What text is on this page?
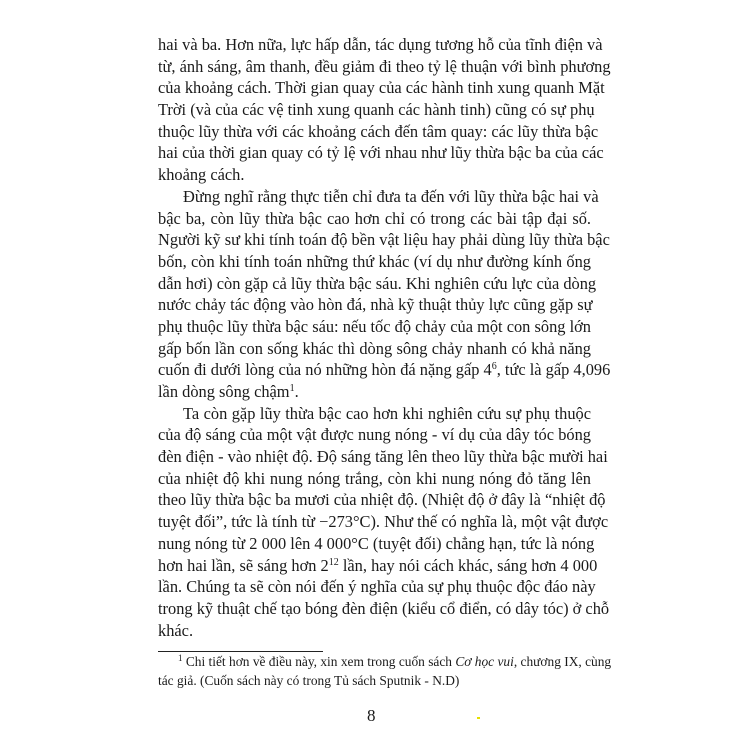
hai và ba. Hơn nữa, lực hấp dẫn, tác dụng tương hỗ của tĩnh điện và
từ, ánh sáng, âm thanh, đều giảm đi theo tỷ lệ thuận với bình phương
của khoảng cách. Thời gian quay của các hành tinh xung quanh Mặt
Trời (và của các vệ tinh xung quanh các hành tinh) cũng có sự phụ
thuộc lũy thừa với các khoảng cách đến tâm quay: các lũy thừa bậc
hai của thời gian quay có tỷ lệ với nhau như lũy thừa bậc ba của các
khoảng cách.
Đừng nghĩ rằng thực tiễn chỉ đưa ta đến với lũy thừa bậc hai và
bậc ba, còn lũy thừa bậc cao hơn chỉ có trong các bài tập đại số.
Người kỹ sư khi tính toán độ bền vật liệu hay phải dùng lũy thừa bậc
bốn, còn khi tính toán những thứ khác (ví dụ như đường kính ống
dẫn hơi) còn gặp cả lũy thừa bậc sáu. Khi nghiên cứu lực của dòng
nước chảy tác động vào hòn đá, nhà kỹ thuật thủy lực cũng gặp sự
phụ thuộc lũy thừa bậc sáu: nếu tốc độ chảy của một con sông lớn
gấp bốn lần con sống khác thì dòng sông chảy nhanh có khả năng
cuốn đi dưới lòng của nó những hòn đá nặng gấp $4^6$, tức là gấp 4,096
lần dòng sông chậm$^1$.
Ta còn gặp lũy thừa bậc cao hơn khi nghiên cứu sự phụ thuộc
của độ sáng của một vật được nung nóng - ví dụ của dây tóc bóng
đèn điện - vào nhiệt độ. Độ sáng tăng lên theo lũy thừa bậc mười hai
của nhiệt độ khi nung nóng trắng, còn khi nung nóng đỏ tăng lên
theo lũy thừa bậc ba mươi của nhiệt độ. (Nhiệt độ ở đây là “nhiệt độ
tuyệt đối”, tức là tính từ −273°C). Như thế có nghĩa là, một vật được
nung nóng từ 2 000 lên 4 000°C (tuyệt đối) chẳng hạn, tức là nóng
hơn hai lần, sẽ sáng hơn $2^{12}$ lần, hay nói cách khác, sáng hơn 4 000
lần. Chúng ta sẽ còn nói đến ý nghĩa của sự phụ thuộc độc đáo này
trong kỹ thuật chế tạo bóng đèn điện (kiểu cổ điển, có dây tóc) ở chỗ
khác.
$^1$ Chi tiết hơn về điều này, xin xem trong cuốn sách Cơ học vui, chương IX, cùng
tác giả. (Cuốn sách này có trong Tủ sách Sputnik - N.D)
8
